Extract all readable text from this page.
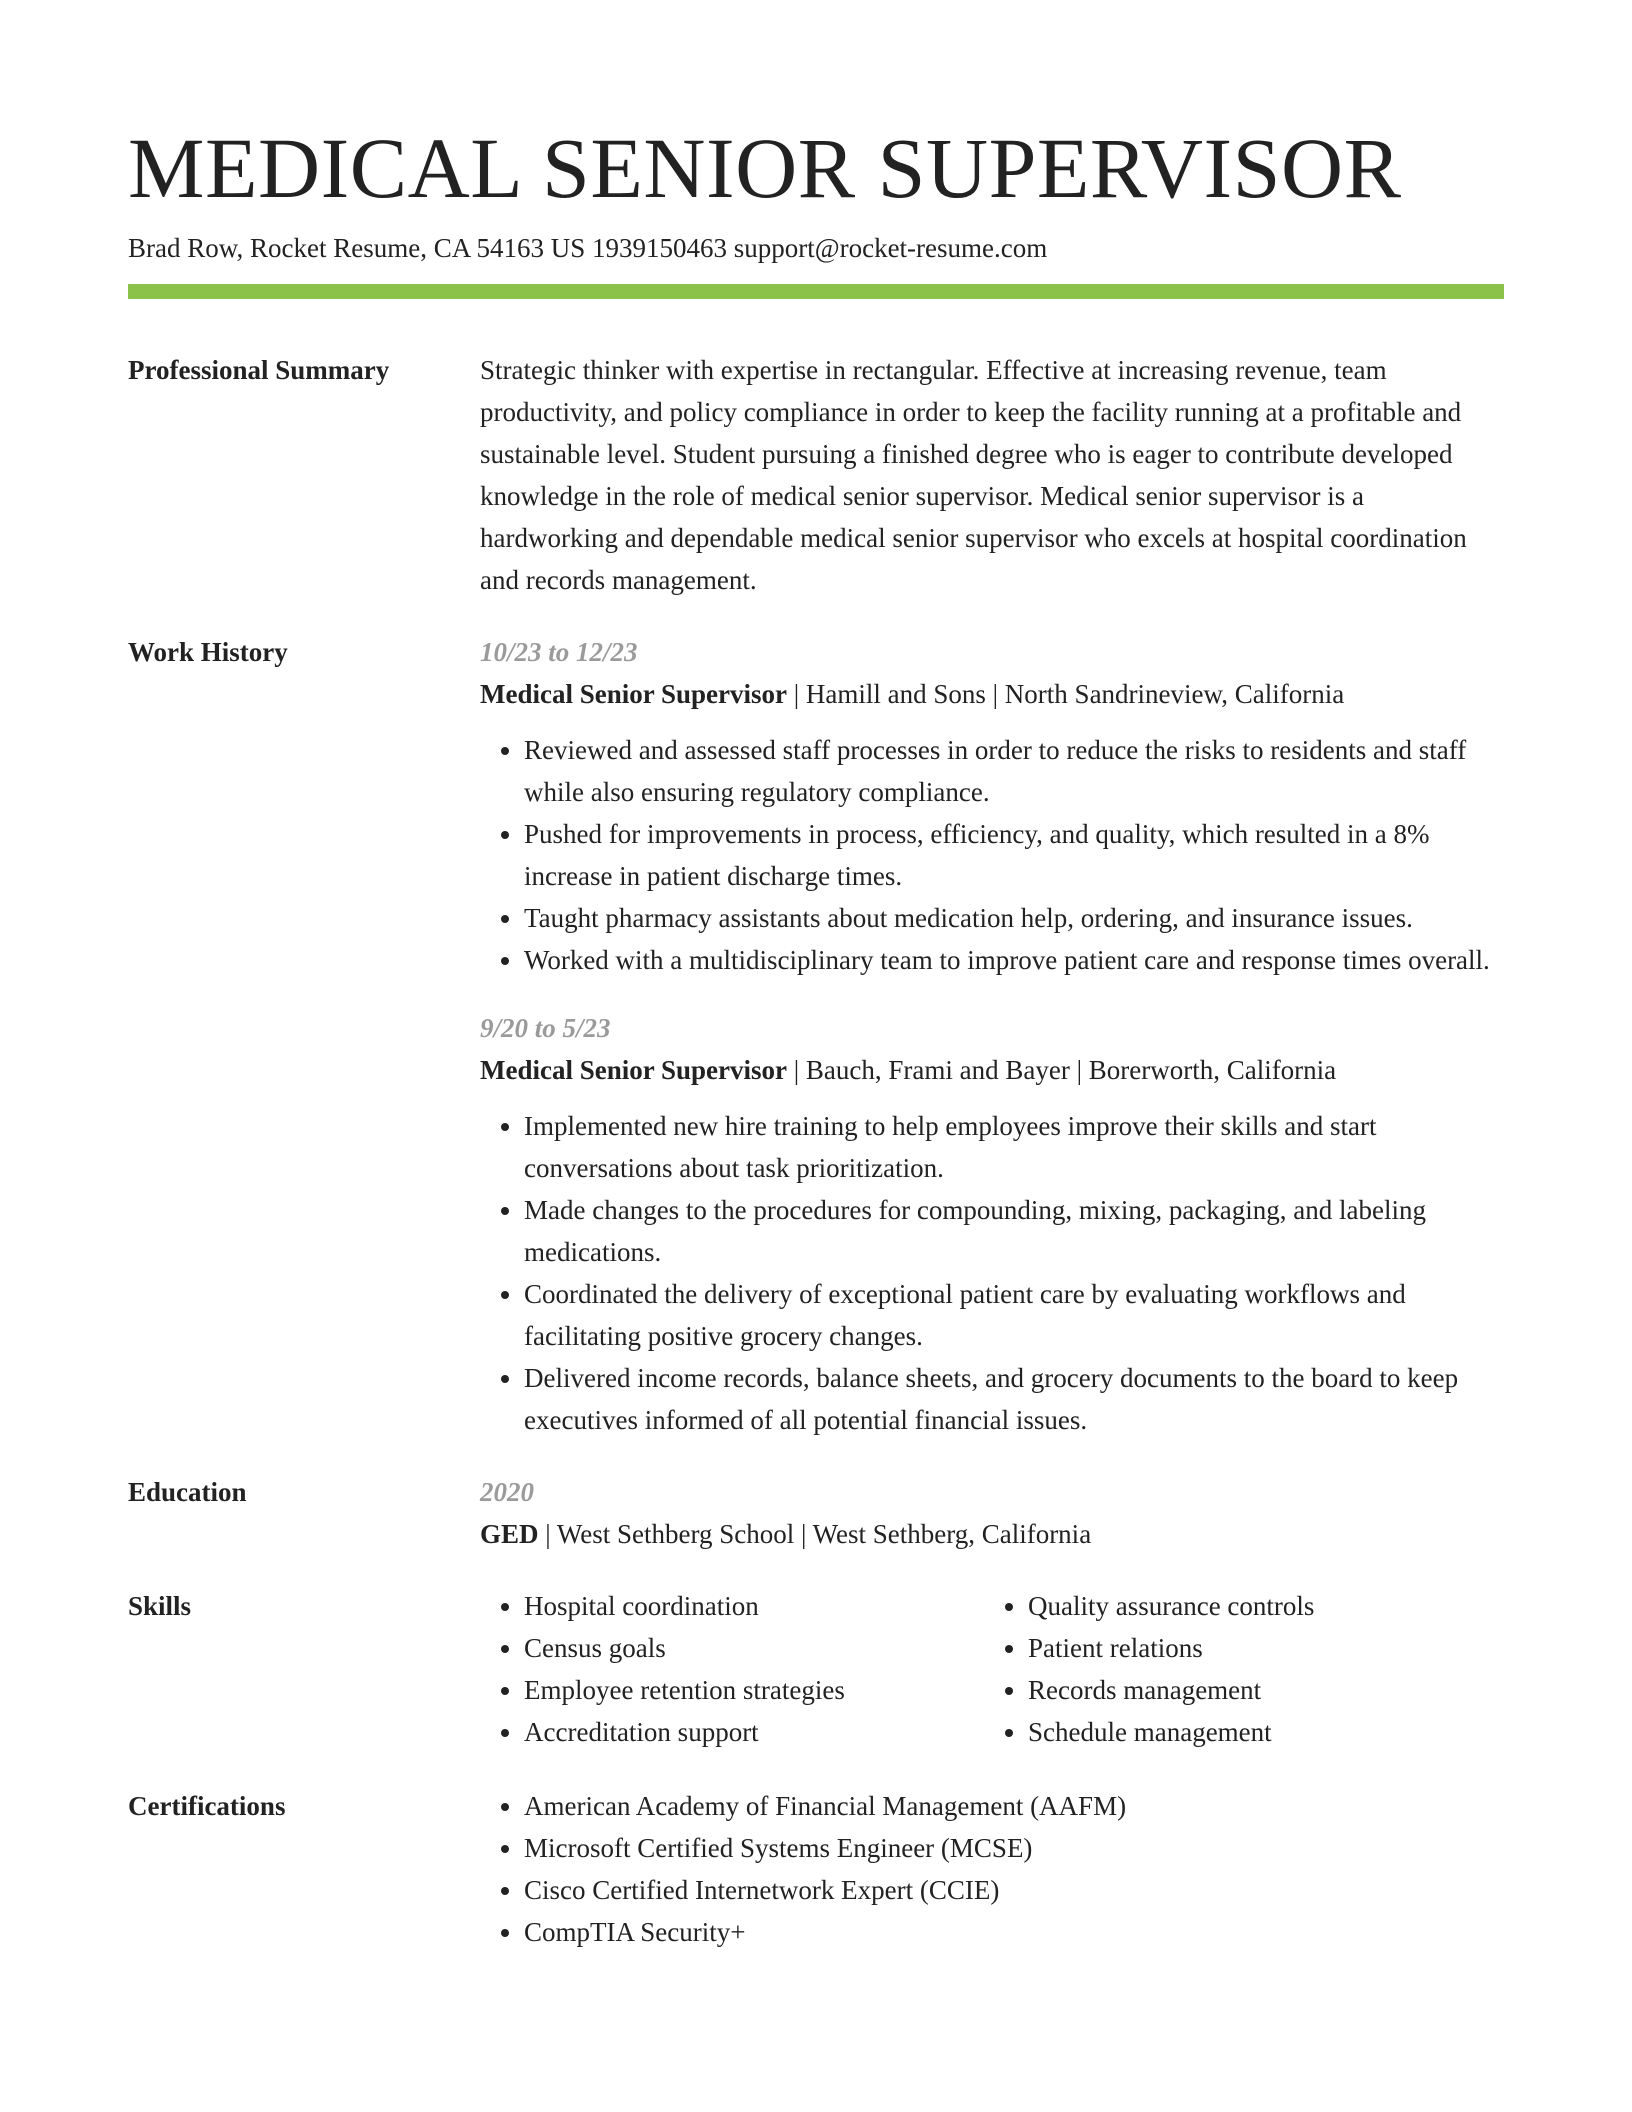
MEDICAL SENIOR SUPERVISOR
Brad Row, Rocket Resume, CA 54163 US 1939150463 support@rocket-resume.com
Professional Summary	Strategic thinker with expertise in rectangular. Effective at increasing revenue, team productivity, and policy compliance in order to keep the facility running at a profitable and sustainable level. Student pursuing a finished degree who is eager to contribute developed knowledge in the role of medical senior supervisor. Medical senior supervisor is a hardworking and dependable medical senior supervisor who excels at hospital coordination and records management.
Work History	10/23 to 12/23
Medical Senior Supervisor | Hamill and Sons | North Sandrineview, California
• Reviewed and assessed staff processes in order to reduce the risks to residents and staff while also ensuring regulatory compliance.
• Pushed for improvements in process, efficiency, and quality, which resulted in a 8% increase in patient discharge times.
• Taught pharmacy assistants about medication help, ordering, and insurance issues.
• Worked with a multidisciplinary team to improve patient care and response times overall.
9/20 to 5/23
Medical Senior Supervisor | Bauch, Frami and Bayer | Borerworth, California
• Implemented new hire training to help employees improve their skills and start conversations about task prioritization.
• Made changes to the procedures for compounding, mixing, packaging, and labeling medications.
• Coordinated the delivery of exceptional patient care by evaluating workflows and facilitating positive grocery changes.
• Delivered income records, balance sheets, and grocery documents to the board to keep executives informed of all potential financial issues.
Education	2020
GED | West Sethberg School | West Sethberg, California
Skills	• Hospital coordination
• Census goals
• Employee retention strategies
• Accreditation support
• Quality assurance controls
• Patient relations
• Records management
• Schedule management
Certifications	• American Academy of Financial Management (AAFM)
• Microsoft Certified Systems Engineer (MCSE)
• Cisco Certified Internetwork Expert (CCIE)
• CompTIA Security+
